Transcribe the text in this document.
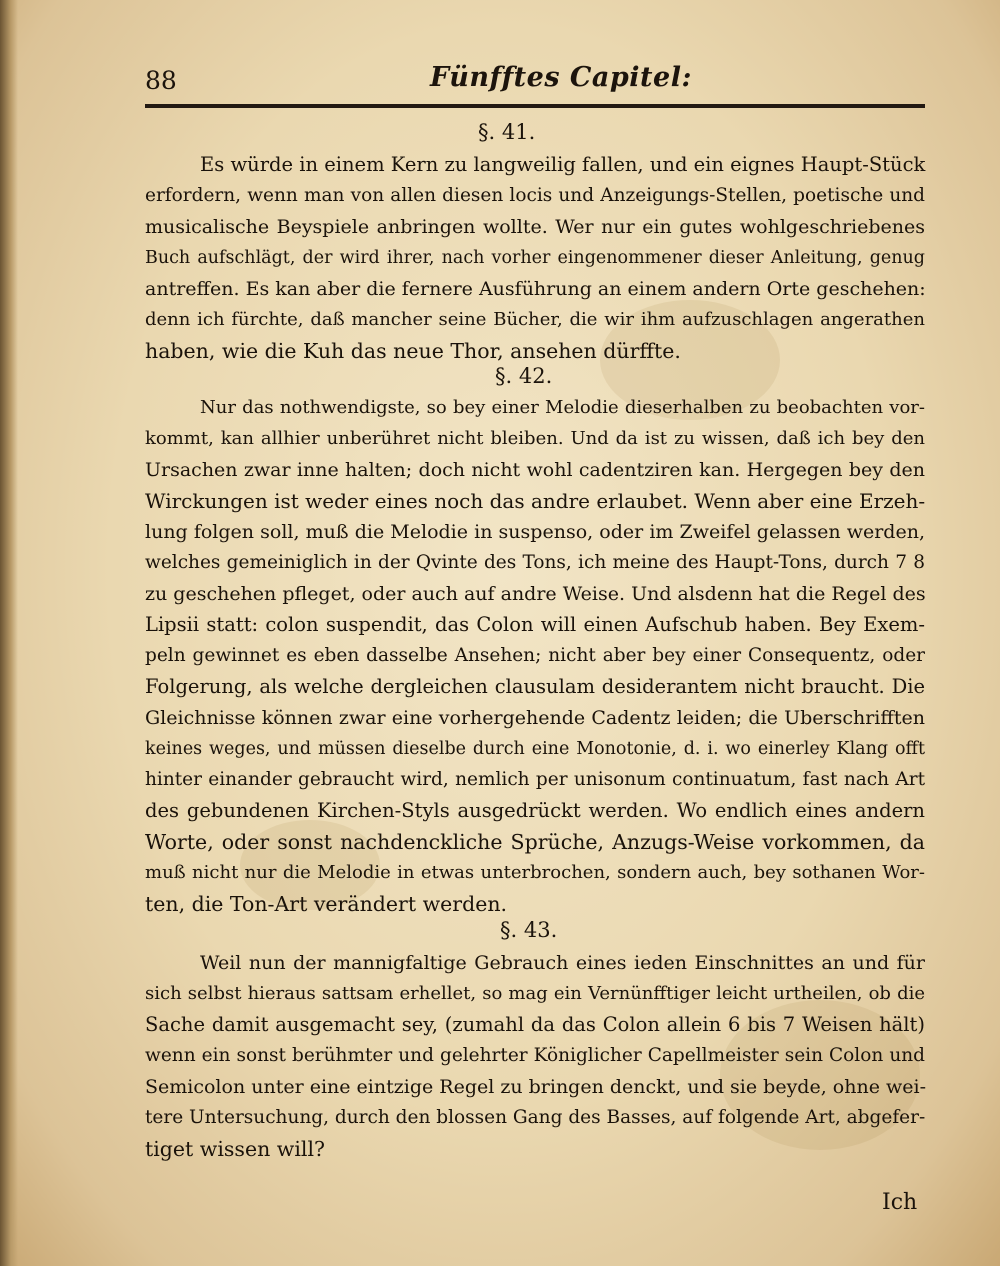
88	Fünfftes Capitel:
§. 41.
Es würde in einem Kern zu langweilig fallen, und ein eignes Haupt-Stück
erfordern, wenn man von allen diesen locis und Anzeigungs-Stellen, poetische und
musicalische Beyspiele anbringen wollte. Wer nur ein gutes wohlgeschriebenes
Buch aufschlägt, der wird ihrer, nach vorher eingenommener dieser Anleitung, genug
antreffen. Es kan aber die fernere Ausführung an einem andern Orte geschehen:
denn ich fürchte, daß mancher seine Bücher, die wir ihm aufzuschlagen angerathen
haben, wie die Kuh das neue Thor, ansehen dürffte.
§. 42.
Nur das nothwendigste, so bey einer Melodie dieserhalben zu beobachten vor-
kommt, kan allhier unberühret nicht bleiben. Und da ist zu wissen, daß ich bey den
Ursachen zwar inne halten; doch nicht wohl cadentziren kan. Hergegen bey den
Wirckungen ist weder eines noch das andre erlaubet. Wenn aber eine Erzeh-
lung folgen soll, muß die Melodie in suspenso, oder im Zweifel gelassen werden,
welches gemeiniglich in der Qvinte des Tons, ich meine des Haupt-Tons, durch 7 8
zu geschehen pfleget, oder auch auf andre Weise. Und alsdenn hat die Regel des
Lipsii statt: colon suspendit, das Colon will einen Aufschub haben. Bey Exem-
peln gewinnet es eben dasselbe Ansehen; nicht aber bey einer Consequentz, oder
Folgerung, als welche dergleichen clausulam desiderantem nicht braucht. Die
Gleichnisse können zwar eine vorhergehende Cadentz leiden; die Uberschrifften
keines weges, und müssen dieselbe durch eine Monotonie, d. i. wo einerley Klang offt
hinter einander gebraucht wird, nemlich per unisonum continuatum, fast nach Art
des gebundenen Kirchen-Styls ausgedrückt werden. Wo endlich eines andern
Worte, oder sonst nachdenckliche Sprüche, Anzugs-Weise vorkommen, da
muß nicht nur die Melodie in etwas unterbrochen, sondern auch, bey sothanen Wor-
ten, die Ton-Art verändert werden.
§. 43.
Weil nun der mannigfaltige Gebrauch eines ieden Einschnittes an und für
sich selbst hieraus sattsam erhellet, so mag ein Vernünfftiger leicht urtheilen, ob die
Sache damit ausgemacht sey, (zumahl da das Colon allein 6 bis 7 Weisen hält)
wenn ein sonst berühmter und gelehrter Königlicher Capellmeister sein Colon und
Semicolon unter eine eintzige Regel zu bringen denckt, und sie beyde, ohne wei-
tere Untersuchung, durch den blossen Gang des Basses, auf folgende Art, abgefer-
tiget wissen will?
Ich
